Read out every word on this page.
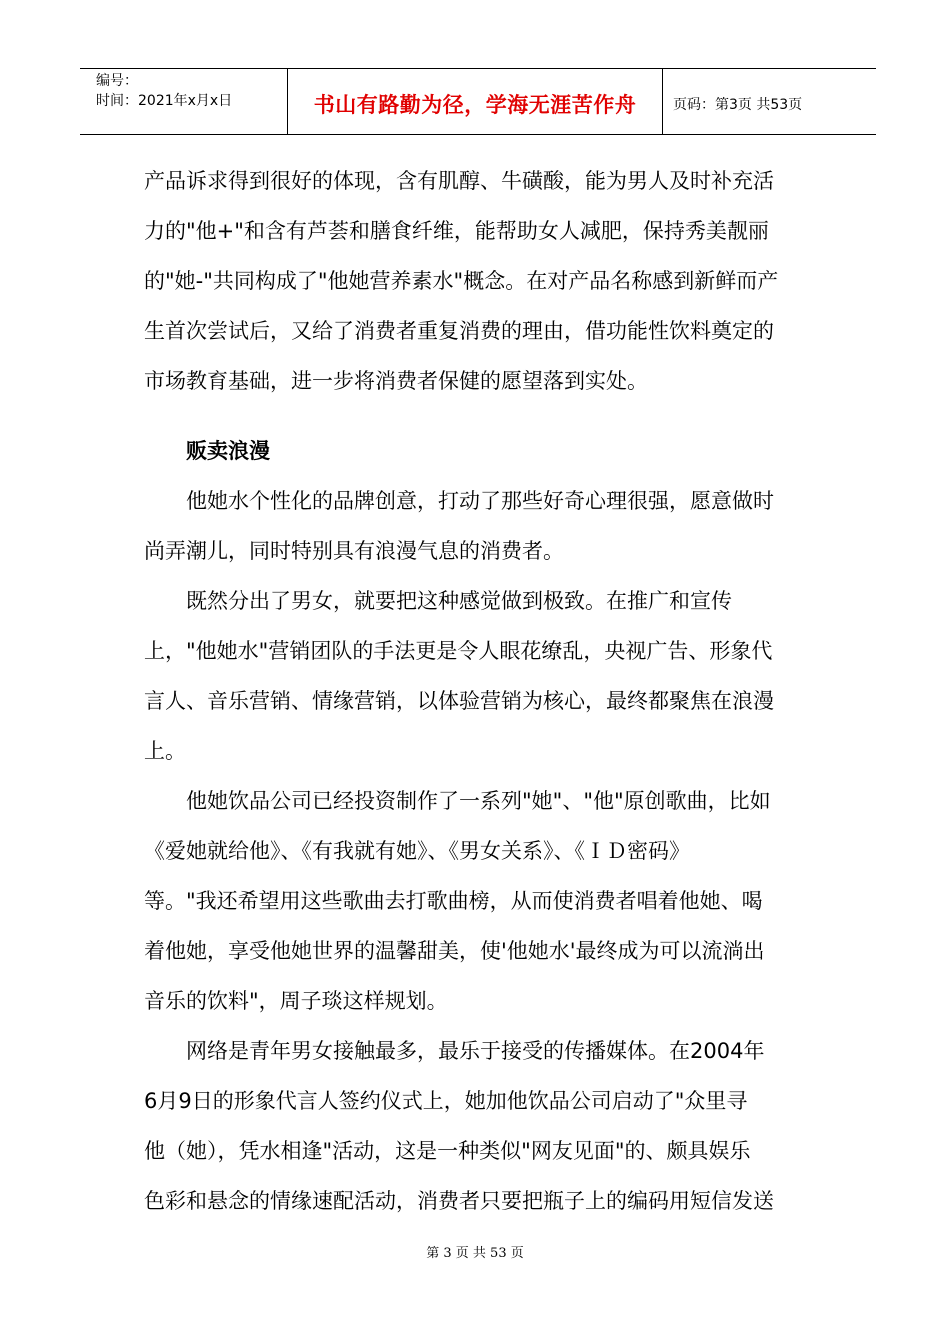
编号：
时间：2021年x月x日	书山有路勤为径，学海无涯苦作舟	页码：第3页 共53页

产品诉求得到很好的体现，含有肌醇、牛磺酸，能为男人及时补充活

力的"他+"和含有芦荟和膳食纤维，能帮助女人减肥，保持秀美靓丽

的"她-"共同构成了"他她营养素水"概念。在对产品名称感到新鲜而产

生首次尝试后，又给了消费者重复消费的理由，借功能性饮料奠定的

市场教育基础，进一步将消费者保健的愿望落到实处。

贩卖浪漫

他她水个性化的品牌创意，打动了那些好奇心理很强，愿意做时

尚弄潮儿，同时特别具有浪漫气息的消费者。

既然分出了男女，就要把这种感觉做到极致。在推广和宣传

上，"他她水"营销团队的手法更是令人眼花缭乱，央视广告、形象代

言人、音乐营销、情缘营销，以体验营销为核心，最终都聚焦在浪漫

上。

他她饮品公司已经投资制作了一系列"她"、"他"原创歌曲，比如

《爱她就给他》、《有我就有她》、《男女关系》、《ＩＤ密码》

等。"我还希望用这些歌曲去打歌曲榜，从而使消费者唱着他她、喝

着他她，享受他她世界的温馨甜美，使'他她水'最终成为可以流淌出

音乐的饮料"，周子琰这样规划。

网络是青年男女接触最多，最乐于接受的传播媒体。在2004年

6月9日的形象代言人签约仪式上，她加他饮品公司启动了"众里寻

他（她），凭水相逢"活动，这是一种类似"网友见面"的、颇具娱乐

色彩和悬念的情缘速配活动，消费者只要把瓶子上的编码用短信发送

第 3 页 共 53 页
